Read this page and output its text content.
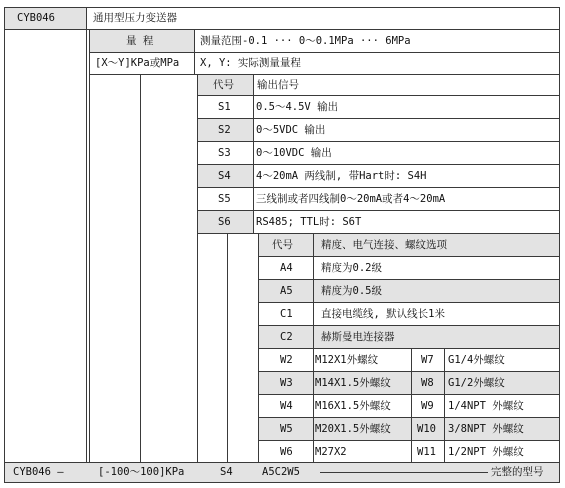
CYB046	通用型压力变送器
量 程	测量范围-0.1 ··· 0～0.1MPa ··· 6MPa
[X～Y]KPa或MPa X, Y: 实际测量量程
代号 输出信号
S1 0.5～4.5V 输出
S2 0～5VDC 输出
S3 0～10VDC 输出
S4 4～20mA 两线制, 带Hart时: S4H
S5 三线制或者四线制0～20mA或者4～20mA
S6 RS485; TTL时: S6T
代号	精度、电气连接、螺纹选项
A4	精度为0.2级
A5	精度为0.5级
C1	直接电缆线, 默认线长1米
C2	赫斯曼电连接器
W2 M12X1外螺纹	W7 G1/4外螺纹
W3 M14X1.5外螺纹	W8 G1/2外螺纹
W4 M16X1.5外螺纹	W9 1/4NPT 外螺纹
W5 M20X1.5外螺纹 W10 3/8NPT 外螺纹
W6 M27X2	W11 1/2NPT 外螺纹
CYB046 —	[-100～100]KPa	S4	A5C2W5	完整的型号
